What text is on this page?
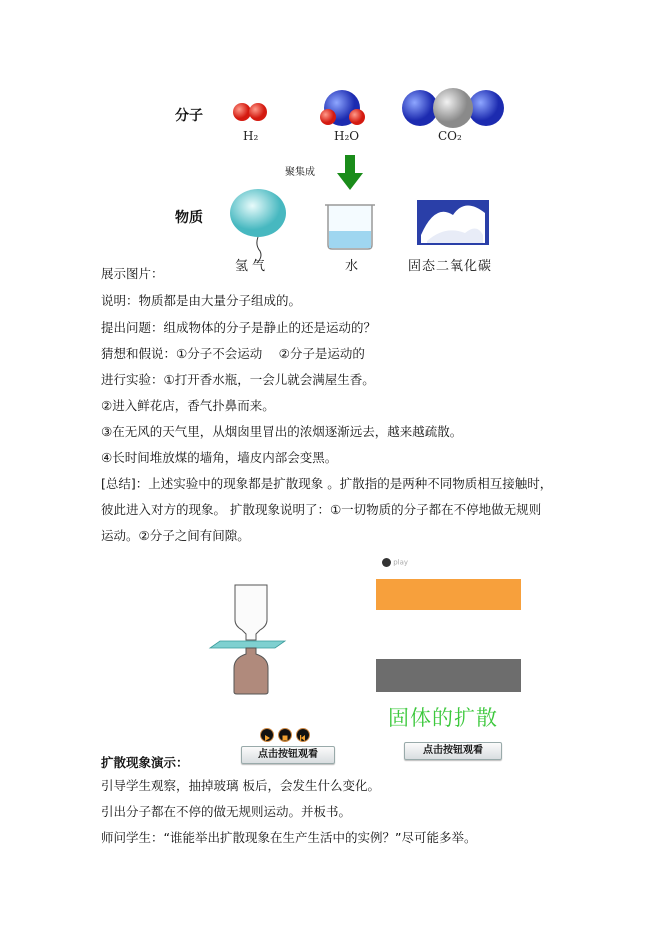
分子
H₂	H₂O	CO₂
聚集成
物质
氢气	水	固态二氧化碳
展示图片：
说明：物质都是由大量分子组成的。
提出问题：组成物体的分子是静止的还是运动的？
猜想和假说：①分子不会运动 　②分子是运动的
进行实验：①打开香水瓶，一会儿就会满屋生香。
②进入鲜花店，香气扑鼻而来。
③在无风的天气里，从烟囱里冒出的浓烟逐渐远去，越来越疏散。
④长时间堆放煤的墙角，墙皮内部会变黑。
[总结]：上述实验中的现象都是扩散现象 。扩散指的是两种不同物质相互接触时，
彼此进入对方的现象。 扩散现象说明了：①一切物质的分子都在不停地做无规则
运动。②分子之间有间隙。
点击按钮观看
play
固体的扩散
点击按钮观看
扩散现象演示：
引导学生观察，抽掉玻璃 板后，会发生什么变化。
引出分子都在不停的做无规则运动。并板书。
师问学生：“谁能举出扩散现象在生产生活中的实例？”尽可能多举。
